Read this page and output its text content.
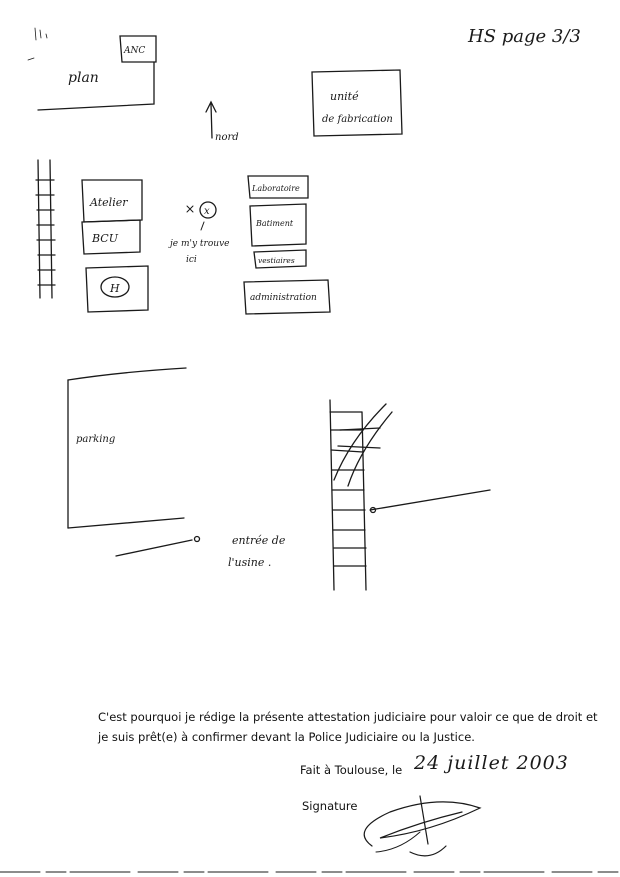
ANC
plan
unité
de fabrication
nord
Atelier
BCU
H
x
je m'y trouve
ici
Laboratoire
Batiment
vestiaires
administration
parking
entrée de
l'usine .
HS page 3/3

C'est pourquoi je rédige la présente attestation judiciaire pour valoir ce que de droit et

je suis prêt(e) à confirmer devant la Police Judiciaire ou la Justice.

Fait à Toulouse, le 24 juillet 2003
Signature
